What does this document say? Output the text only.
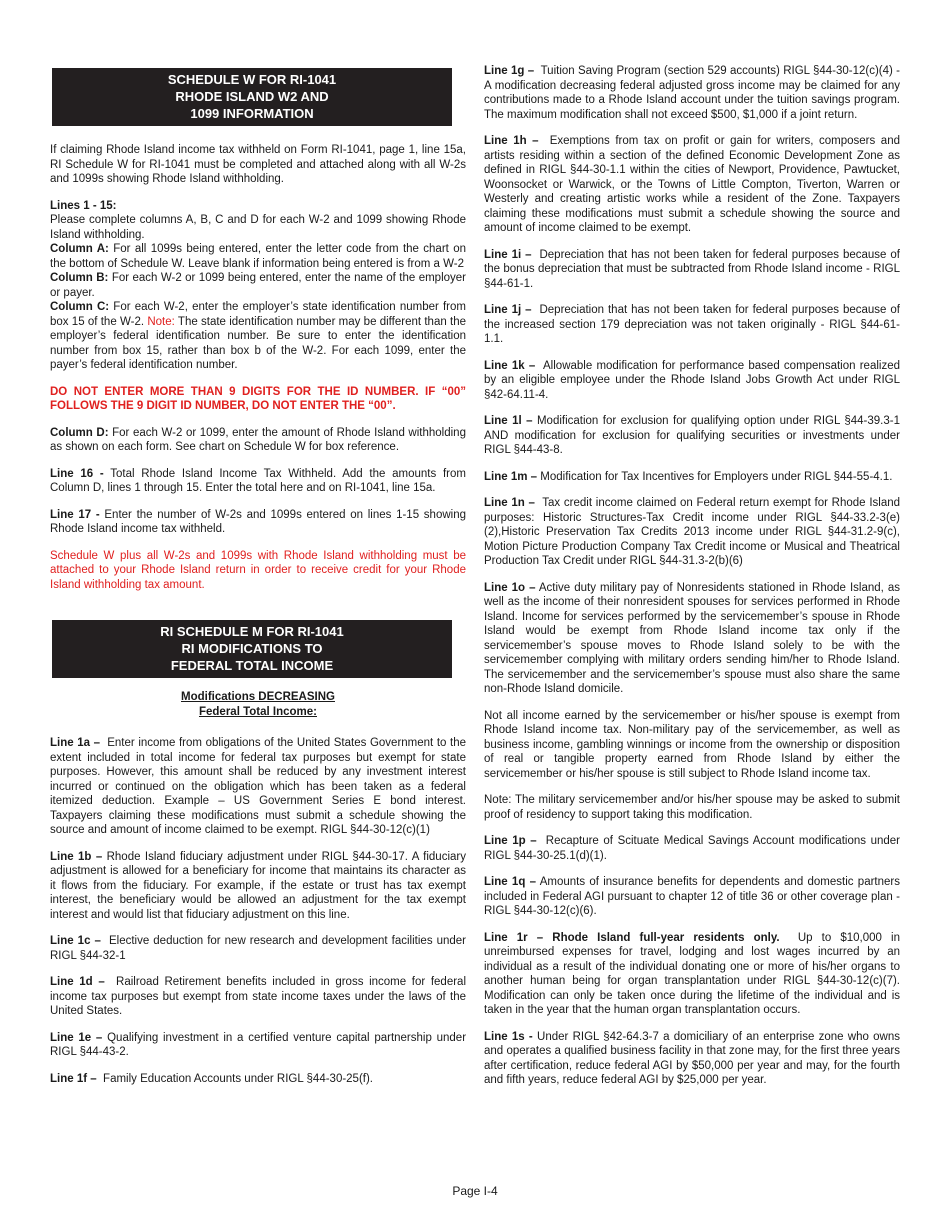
SCHEDULE W FOR RI-1041
RHODE ISLAND W2 AND
1099 INFORMATION

If claiming Rhode Island income tax withheld on Form RI-1041, page 1, line 15a, RI Schedule W for RI-1041 must be completed and attached along with all W-2s and 1099s showing Rhode Island withholding.

Lines 1 - 15:

Please complete columns A, B, C and D for each W-2 and 1099 showing Rhode Island withholding.

Column A: For all 1099s being entered, enter the letter code from the chart on the bottom of Schedule W. Leave blank if information being entered is from a W-2

Column B: For each W-2 or 1099 being entered, enter the name of the employer or payer.

Column C: For each W-2, enter the employer’s state identification number from box 15 of the W-2. Note: The state identification number may be different than the employer’s federal identification number. Be sure to enter the identification number from box 15, rather than box b of the W-2. For each 1099, enter the payer’s federal identification number.

DO NOT ENTER MORE THAN 9 DIGITS FOR THE ID NUMBER. IF “00” FOLLOWS THE 9 DIGIT ID NUMBER, DO NOT ENTER THE “00”.

Column D: For each W-2 or 1099, enter the amount of Rhode Island withholding as shown on each form. See chart on Schedule W for box reference.

Line 16 - Total Rhode Island Income Tax Withheld. Add the amounts from Column D, lines 1 through 15. Enter the total here and on RI-1041, line 15a.

Line 17 - Enter the number of W-2s and 1099s entered on lines 1-15 showing Rhode Island income tax withheld.

Schedule W plus all W-2s and 1099s with Rhode Island withholding must be attached to your Rhode Island return in order to receive credit for your Rhode Island withholding tax amount.

RI SCHEDULE M FOR RI-1041
RI MODIFICATIONS TO
FEDERAL TOTAL INCOME
Modifications DECREASING
Federal Total Income:

Line 1a – Enter income from obligations of the United States Government to the extent included in total income for federal tax purposes but exempt for state purposes. However, this amount shall be reduced by any investment interest incurred or continued on the obligation which has been taken as a federal itemized deduction. Example – US Government Series E bond interest. Taxpayers claiming these modifications must submit a schedule showing the source and amount of income claimed to be exempt. RIGL §44-30-12(c)(1)

Line 1b – Rhode Island fiduciary adjustment under RIGL §44-30-17. A fiduciary adjustment is allowed for a beneficiary for income that maintains its character as it flows from the fiduciary. For example, if the estate or trust has tax exempt interest, the beneficiary would be allowed an adjustment for the tax exempt interest and would list that fiduciary adjustment on this line.

Line 1c – Elective deduction for new research and development facilities under RIGL §44-32-1

Line 1d – Railroad Retirement benefits included in gross income for federal income tax purposes but exempt from state income taxes under the laws of the United States.

Line 1e – Qualifying investment in a certified venture capital partnership under RIGL §44-43-2.

Line 1f – Family Education Accounts under RIGL §44-30-25(f).

Line 1g – Tuition Saving Program (section 529 accounts) RIGL §44-30-12(c)(4) - A modification decreasing federal adjusted gross income may be claimed for any contributions made to a Rhode Island account under the tuition savings program. The maximum modification shall not exceed $500, $1,000 if a joint return.

Line 1h – Exemptions from tax on profit or gain for writers, composers and artists residing within a section of the defined Economic Development Zone as defined in RIGL §44-30-1.1 within the cities of Newport, Providence, Pawtucket, Woonsocket or Warwick, or the Towns of Little Compton, Tiverton, Warren or Westerly and creating artistic works while a resident of the Zone. Taxpayers claiming these modifications must submit a schedule showing the source and amount of income claimed to be exempt.

Line 1i – Depreciation that has not been taken for federal purposes because of the bonus depreciation that must be subtracted from Rhode Island income - RIGL §44-61-1.

Line 1j – Depreciation that has not been taken for federal purposes because of the increased section 179 depreciation was not taken originally - RIGL §44-61-1.1.

Line 1k – Allowable modification for performance based compensation realized by an eligible employee under the Rhode Island Jobs Growth Act under RIGL §42-64.11-4.

Line 1l – Modification for exclusion for qualifying option under RIGL §44-39.3-1 AND modification for exclusion for qualifying securities or investments under RIGL §44-43-8.

Line 1m – Modification for Tax Incentives for Employers under RIGL §44-55-4.1.

Line 1n – Tax credit income claimed on Federal return exempt for Rhode Island purposes: Historic Structures-Tax Credit income under RIGL §44-33.2-3(e)(2),Historic Preservation Tax Credits 2013 income under RIGL §44-31.2-9(c), Motion Picture Production Company Tax Credit income or Musical and Theatrical Production Tax Credit under RIGL §44-31.3-2(b)(6)

Line 1o – Active duty military pay of Nonresidents stationed in Rhode Island, as well as the income of their nonresident spouses for services performed in Rhode Island. Income for services performed by the servicemember’s spouse in Rhode Island would be exempt from Rhode Island income tax only if the servicemember’s spouse moves to Rhode Island solely to be with the servicemember complying with military orders sending him/her to Rhode Island. The servicemember and the servicemember’s spouse must also share the same non-Rhode Island domicile.

Not all income earned by the servicemember or his/her spouse is exempt from Rhode Island income tax. Non-military pay of the servicemember, as well as business income, gambling winnings or income from the ownership or disposition of real or tangible property earned from Rhode Island by either the servicemember or his/her spouse is still subject to Rhode Island income tax.

Note: The military servicemember and/or his/her spouse may be asked to submit proof of residency to support taking this modification.

Line 1p – Recapture of Scituate Medical Savings Account modifications under RIGL §44-30-25.1(d)(1).

Line 1q – Amounts of insurance benefits for dependents and domestic partners included in Federal AGI pursuant to chapter 12 of title 36 or other coverage plan - RIGL §44-30-12(c)(6).

Line 1r – Rhode Island full-year residents only. Up to $10,000 in unreimbursed expenses for travel, lodging and lost wages incurred by an individual as a result of the individual donating one or more of his/her organs to another human being for organ transplantation under RIGL §44-30-12(c)(7). Modification can only be taken once during the lifetime of the individual and is taken in the year that the human organ transplantation occurs.

Line 1s - Under RIGL §42-64.3-7 a domiciliary of an enterprise zone who owns and operates a qualified business facility in that zone may, for the first three years after certification, reduce federal AGI by $50,000 per year and may, for the fourth and fifth years, reduce federal AGI by $25,000 per year.

Page I-4
